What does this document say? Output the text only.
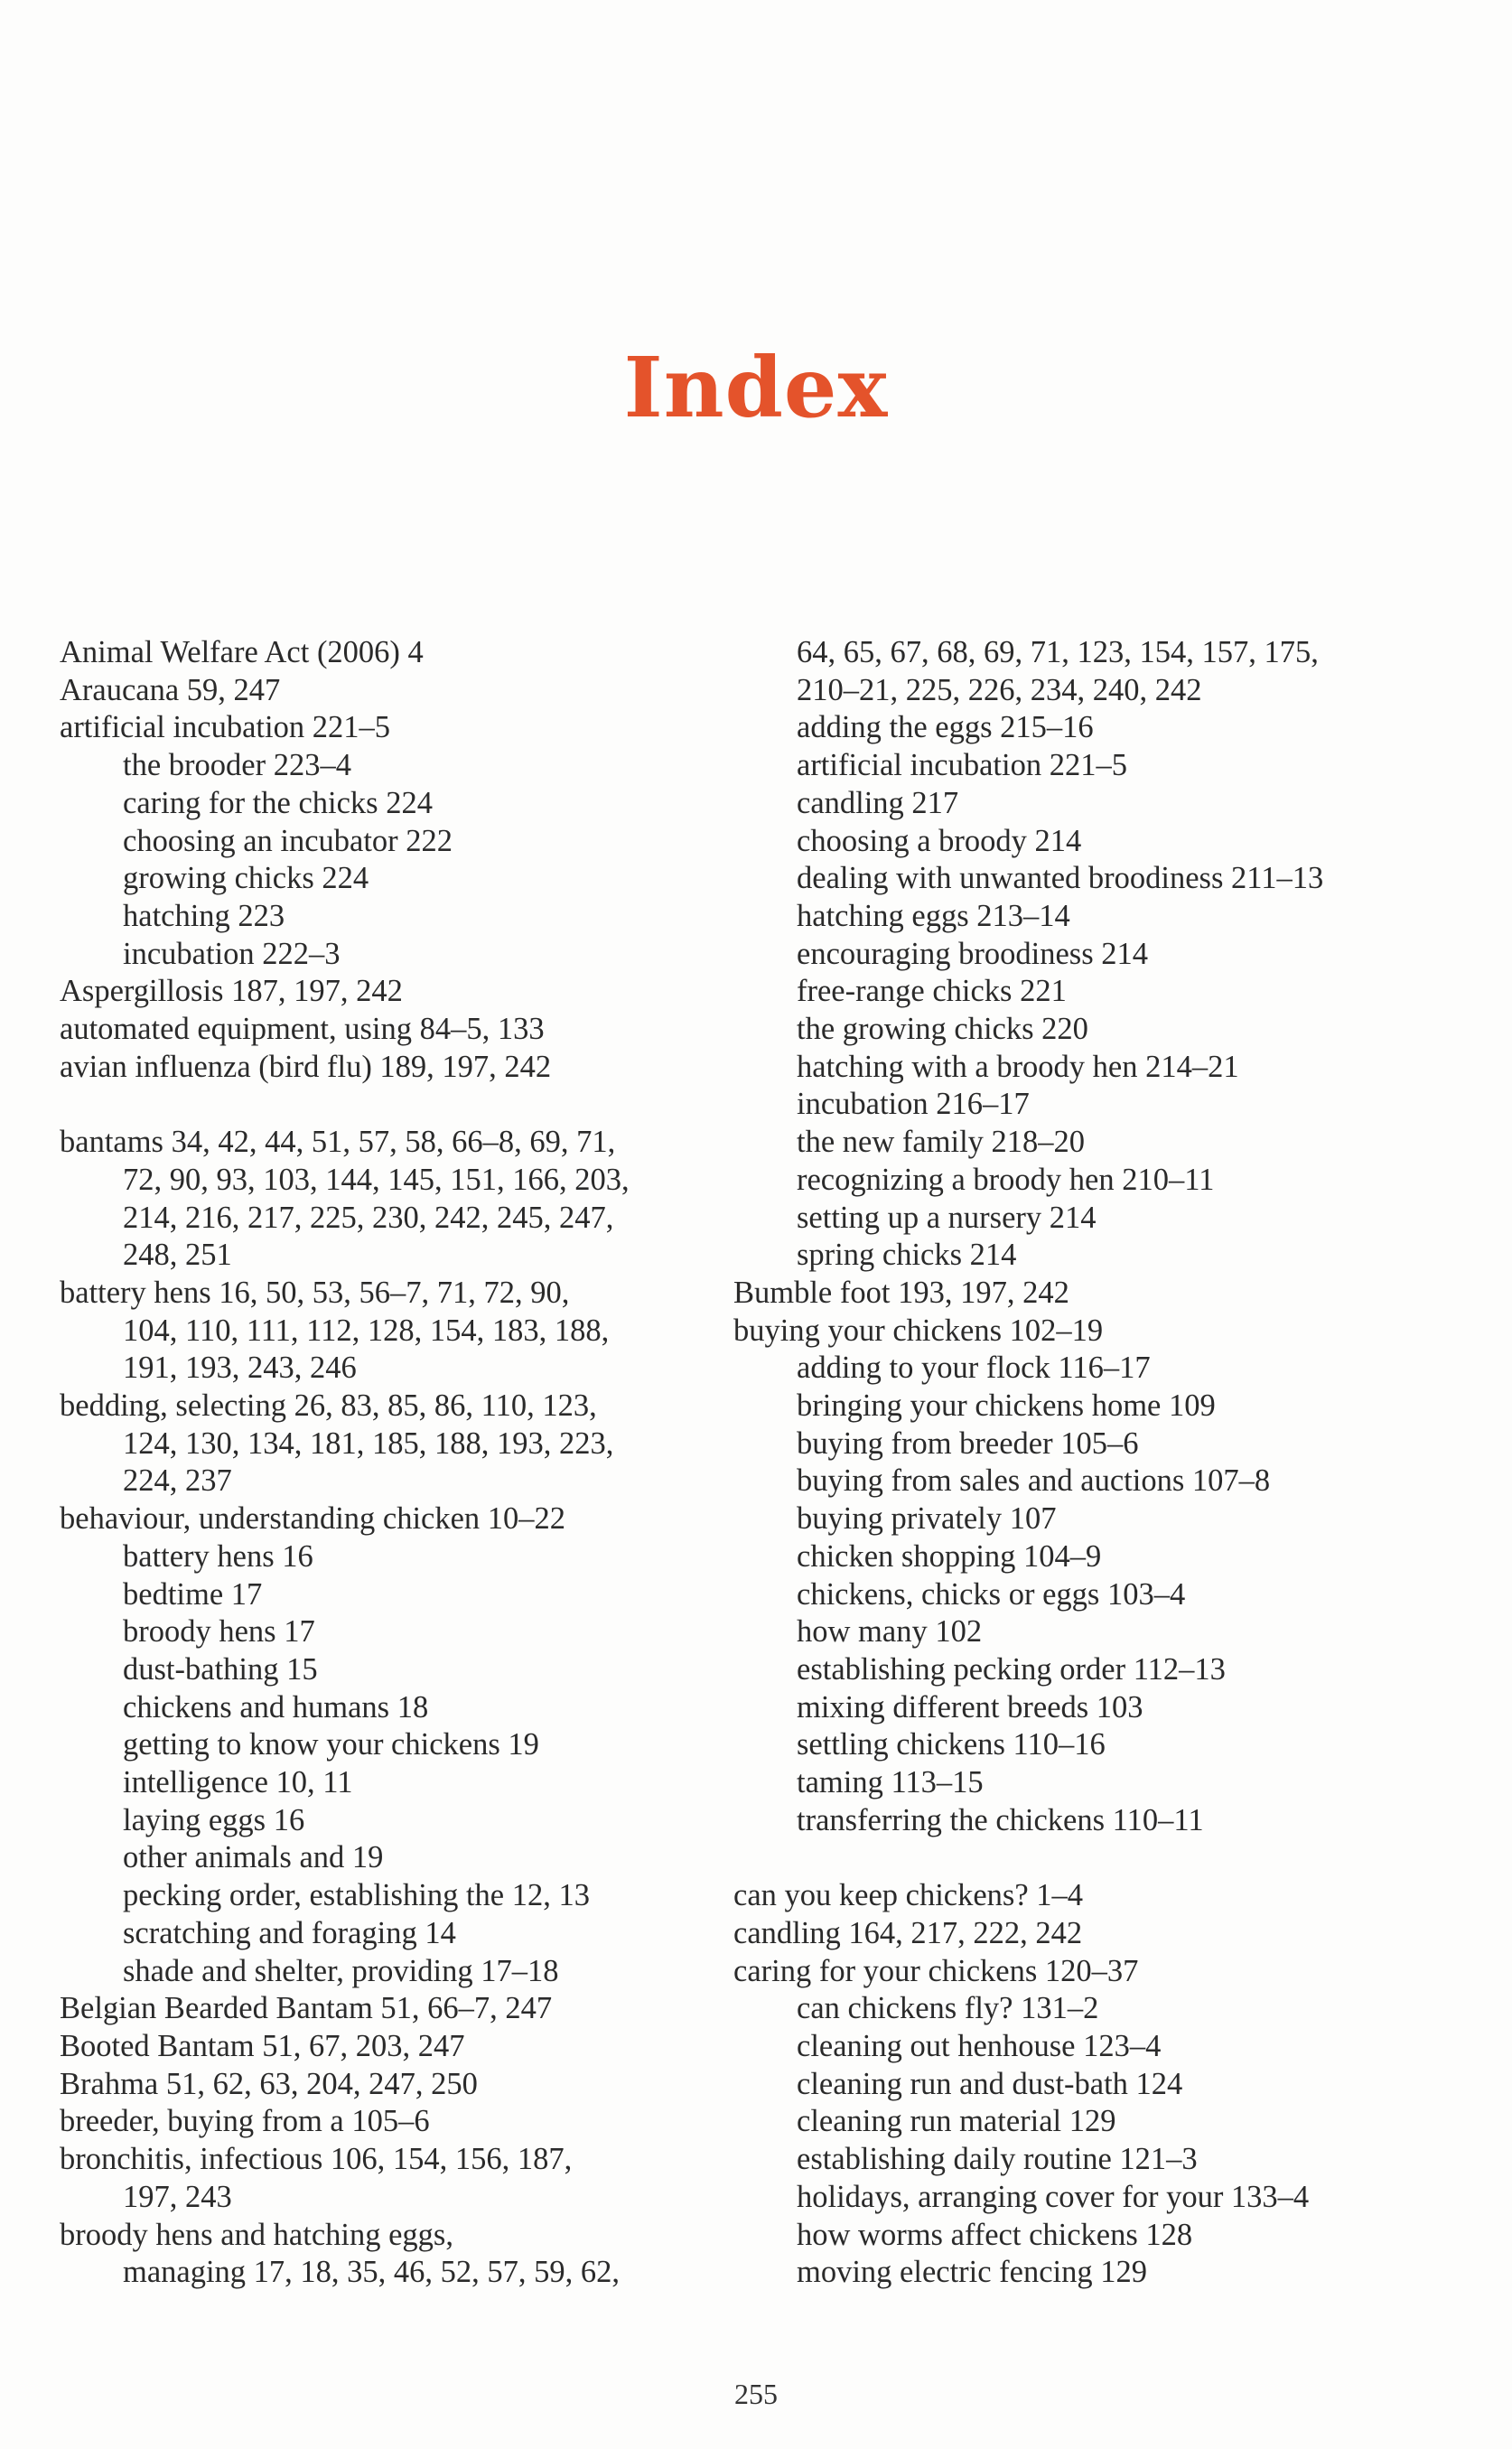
Index
Animal Welfare Act (2006) 4
Araucana 59, 247
artificial incubation 221–5
the brooder 223–4
caring for the chicks 224
choosing an incubator 222
growing chicks 224
hatching 223
incubation 222–3
Aspergillosis 187, 197, 242
automated equipment, using 84–5, 133
avian influenza (bird flu) 189, 197, 242
bantams 34, 42, 44, 51, 57, 58, 66–8, 69, 71,
72, 90, 93, 103, 144, 145, 151, 166, 203,
214, 216, 217, 225, 230, 242, 245, 247,
248, 251
battery hens 16, 50, 53, 56–7, 71, 72, 90,
104, 110, 111, 112, 128, 154, 183, 188,
191, 193, 243, 246
bedding, selecting 26, 83, 85, 86, 110, 123,
124, 130, 134, 181, 185, 188, 193, 223,
224, 237
behaviour, understanding chicken 10–22
battery hens 16
bedtime 17
broody hens 17
dust-bathing 15
chickens and humans 18
getting to know your chickens 19
intelligence 10, 11
laying eggs 16
other animals and 19
pecking order, establishing the 12, 13
scratching and foraging 14
shade and shelter, providing 17–18
Belgian Bearded Bantam 51, 66–7, 247
Booted Bantam 51, 67, 203, 247
Brahma 51, 62, 63, 204, 247, 250
breeder, buying from a 105–6
bronchitis, infectious 106, 154, 156, 187,
197, 243
broody hens and hatching eggs,
managing 17, 18, 35, 46, 52, 57, 59, 62,
64, 65, 67, 68, 69, 71, 123, 154, 157, 175,
210–21, 225, 226, 234, 240, 242
adding the eggs 215–16
artificial incubation 221–5
candling 217
choosing a broody 214
dealing with unwanted broodiness 211–13
hatching eggs 213–14
encouraging broodiness 214
free-range chicks 221
the growing chicks 220
hatching with a broody hen 214–21
incubation 216–17
the new family 218–20
recognizing a broody hen 210–11
setting up a nursery 214
spring chicks 214
Bumble foot 193, 197, 242
buying your chickens 102–19
adding to your flock 116–17
bringing your chickens home 109
buying from breeder 105–6
buying from sales and auctions 107–8
buying privately 107
chicken shopping 104–9
chickens, chicks or eggs 103–4
how many 102
establishing pecking order 112–13
mixing different breeds 103
settling chickens 110–16
taming 113–15
transferring the chickens 110–11
can you keep chickens? 1–4
candling 164, 217, 222, 242
caring for your chickens 120–37
can chickens fly? 131–2
cleaning out henhouse 123–4
cleaning run and dust-bath 124
cleaning run material 129
establishing daily routine 121–3
holidays, arranging cover for your 133–4
how worms affect chickens 128
moving electric fencing 129
255
